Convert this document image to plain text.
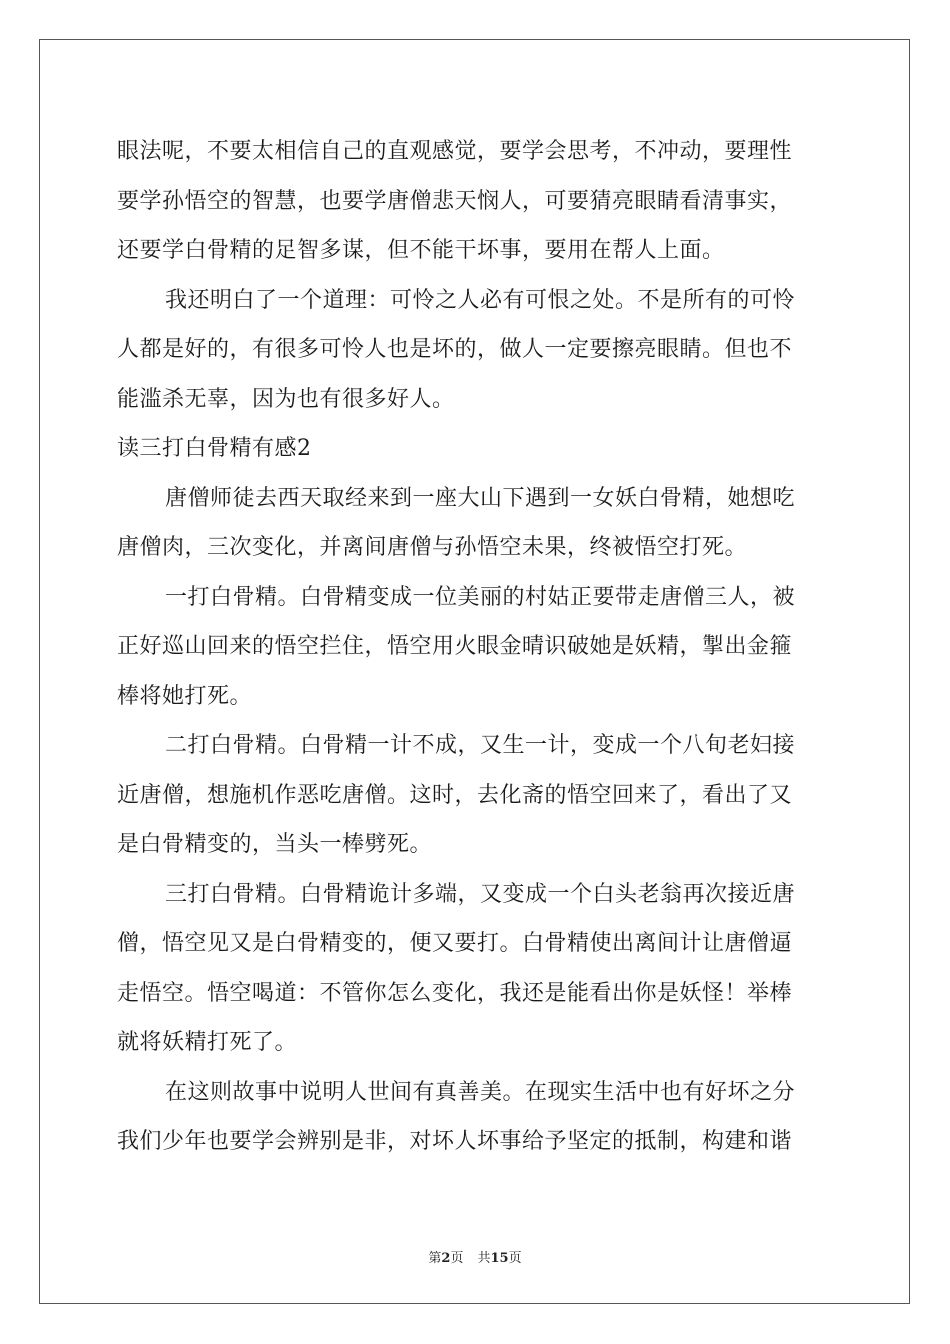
眼法呢，不要太相信自己的直观感觉，要学会思考，不冲动，要理性
要学孙悟空的智慧，也要学唐僧悲天悯人，可要猜亮眼睛看清事实，
还要学白骨精的足智多谋，但不能干坏事，要用在帮人上面。
我还明白了一个道理：可怜之人必有可恨之处。不是所有的可怜
人都是好的，有很多可怜人也是坏的，做人一定要擦亮眼睛。但也不
能滥杀无辜，因为也有很多好人。
读三打白骨精有感2
唐僧师徒去西天取经来到一座大山下遇到一女妖白骨精，她想吃
唐僧肉，三次变化，并离间唐僧与孙悟空未果，终被悟空打死。
一打白骨精。白骨精变成一位美丽的村姑正要带走唐僧三人，被
正好巡山回来的悟空拦住，悟空用火眼金晴识破她是妖精，掣出金箍
棒将她打死。
二打白骨精。白骨精一计不成，又生一计，变成一个八旬老妇接
近唐僧，想施机作恶吃唐僧。这时，去化斋的悟空回来了，看出了又
是白骨精变的，当头一棒劈死。
三打白骨精。白骨精诡计多端，又变成一个白头老翁再次接近唐
僧，悟空见又是白骨精变的，便又要打。白骨精使出离间计让唐僧逼
走悟空。悟空喝道：不管你怎么变化，我还是能看出你是妖怪！举棒
就将妖精打死了。
在这则故事中说明人世间有真善美。在现实生活中也有好坏之分
我们少年也要学会辨别是非，对坏人坏事给予坚定的抵制，构建和谐
第2页 共15页
